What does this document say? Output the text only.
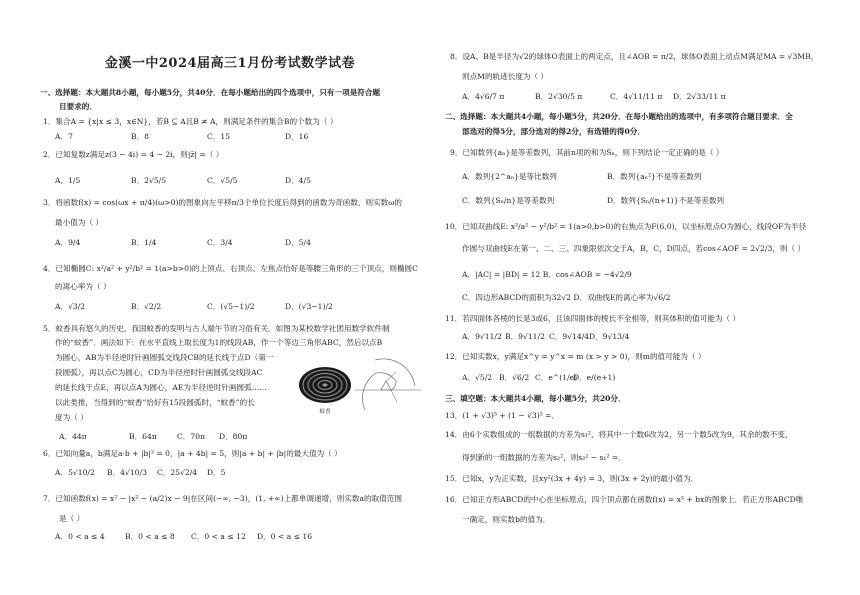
金溪一中2024届高三1月份考试数学试卷
一、选择题：本大题共8小题，每小题5分，共40分．在每小题给出的四个选项中，只有一项是符合题
目要求的．
1．集合A = {x|x ≤ 3，x∈N}，若B ⊆ A且B ≠ A，则满足条件的集合B的个数为（ ）
A．7	B．8	C．15	D．16
2．已知复数z满足z(3 − 4i) = 4 − 2i，则|z̄| =（ ）
A．1/5	B．2√5/5	C．√5/5	D．4/5
3．将函数f(x) = cos(ωx + π/4)(ω>0)的图象向左平移π/3个单位长度后得到的函数为奇函数，则实数ω的
最小值为（ ）
A．9/4	B．1/4	C．3/4	D．5/4
4．已知椭圆C: x²/a² + y²/b² = 1(a>b>0)的上顶点、右顶点、左焦点恰好是等腰三角形的三个顶点，则椭圆C
的离心率为（ ）
A．√3/2	B．√2/2	C．(√5−1)/2	D．(√3−1)/2
5．蚊香具有悠久的历史，我国蚊香的发明与古人端午节的习俗有关．如图为某校数学社团用数学软件制
作的“蚊香”．画法如下：在水平直线上取长度为1的线段AB，作一个等边三角形ABC，然后以点B
为圆心，AB为半径逆时针画圆弧交线段CB的延长线于点D（第一
段圆弧），再以点C为圆心，CD为半径逆时针画圆弧交线段AC
的延长线于点E，再以点A为圆心，AE为半径逆时针画圆弧……
以此类推，当得到的“蚊香”恰好有15段圆弧时，“蚊香”的长
度为（ ）
A．44π	B．64π	C．70π D．80π
6．已知向量a，b满足a·b + |b|² = 0，|a + 4b| = 5，则|a + b| + |b|的最大值为（ ）
A．5√10/2 B．4√10/3 C．25√2/4 D．5
7．已知函数f(x) = x² − |x² − (a/2)x − 9|在区间(−∞, −3)，(1, +∞)上都单调递增，则实数a的取值范围
是（ ）
A．0 < a ≤ 4	B．0 < a ≤ 8 C．0 < a ≤ 12 D．0 < a ≤ 16
蚊香
8．设A、B是半径为√2的球体O表面上的两定点，且∠AOB = π/2，球体O表面上动点M满足MA = √3MB，
则点M的轨迹长度为（ ）
A．4√6/7 π	B．2√30/5 π	C．4√11/11 π D．2√33/11 π
二、选择题：本大题共4小题，每小题5分，共20分．在每小题给出的选项中，有多项符合题目要求．全
部选对的得5分，部分选对的得2分，有选错的得0分．
9．已知数列{aₙ}是等差数列，其前n项的和为Sₙ，则下列结论一定正确的是（ ）
A．数列{2^aₙ}是等比数列	B．数列{aₙ²}不是等差数列
C．数列{Sₙ/n}是等差数列	D．数列{Sₙ/(n+1)}不是等差数列
10．已知双曲线E: x²/a² − y²/b² = 1(a>0,b>0)的右焦点为F(6,0)，以坐标原点O为圆心，线段OF为半径
作圆与双曲线E在第一、二、三、四象限依次交于A，B，C，D四点，若cos∠AOF = 2√2/3，则（ ）
A．|AC| = |BD| = 12 B．cos∠AOB = −4√2/9
C．四边形ABCD的面积为32√2 D．双曲线E的离心率为√6/2
11．若四面体各棱的长是3或6，且该四面体的棱长不全相等，则其体积的值可能为（ ）
A．9√11/2 B．9√11/2 C．9√14/4 D．9√13/4
12．已知实数x，y满足x^y = y^x = m (x > y > 0)，则m的值可能为（ ）
A．√5/2 B．√6/2 C．e^(1/e)
D．e/(e+1)
三、填空题：本大题共4小题，每小题5分，共20分．
13．(1 + √3)⁵ + (1 − √3)⁵ =．
14．由6个实数组成的一组数据的方差为s₁²，将其中一个数6改为2，另一个数5改为9，其余的数不变，
得到新的一组数据的方差为s₂²，则s₂² − s₁² =．
15．已知x，y为正实数，且xy²(3x + 4y) = 3，则(3x + 2y)的最小值为．
16．已知正方形ABCD的中心在坐标原点，四个顶点都在函数f(x) = x³ + bx的图象上．若正方形ABCD唯
一确定，则实数b的值为．
